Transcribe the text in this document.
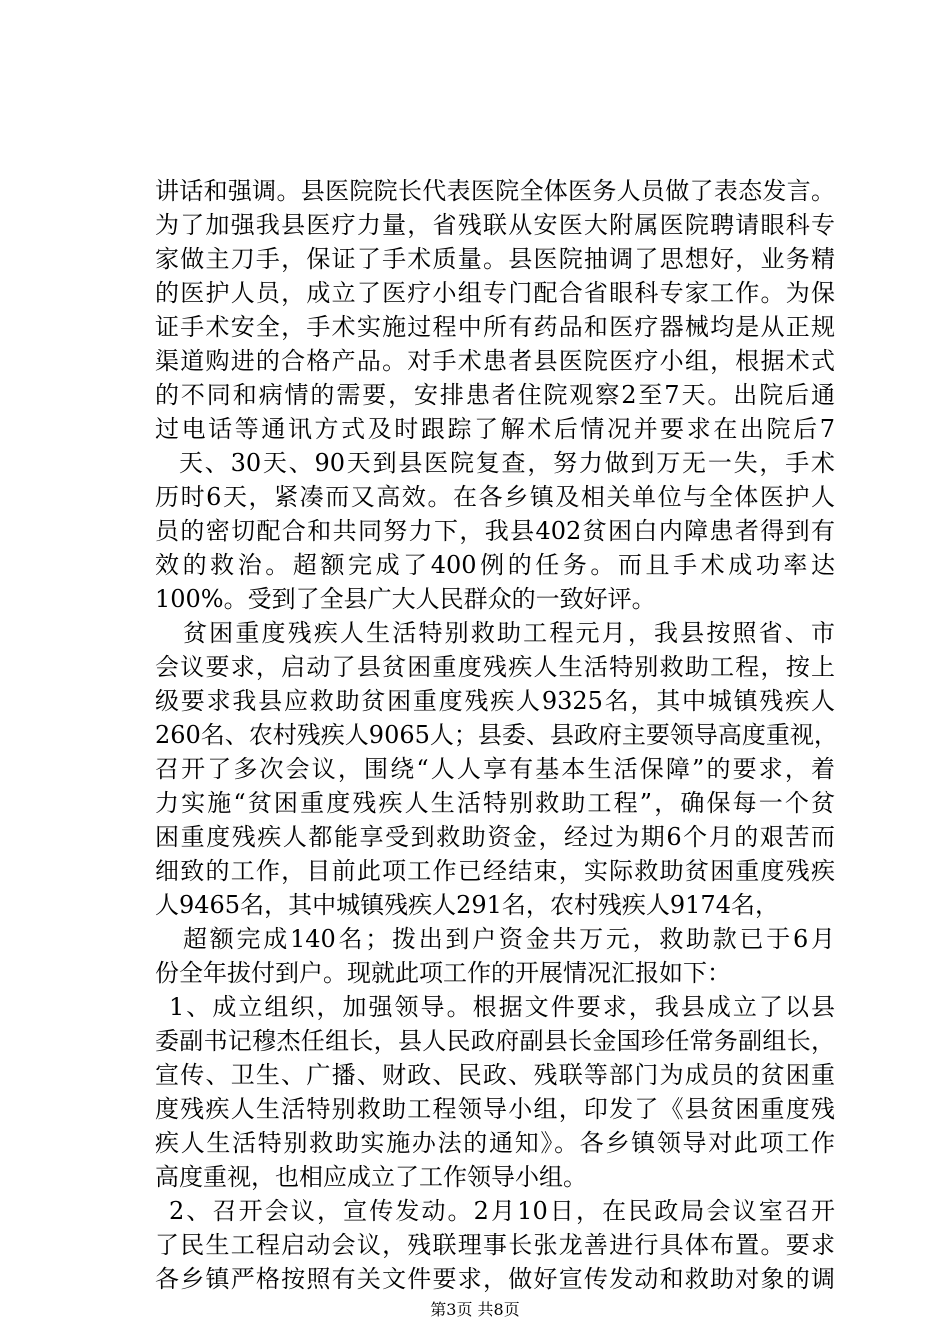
讲话和强调。县医院院长代表医院全体医务人员做了表态发言。
为了加强我县医疗力量，省残联从安医大附属医院聘请眼科专
家做主刀手，保证了手术质量。县医院抽调了思想好，业务精
的医护人员，成立了医疗小组专门配合省眼科专家工作。为保
证手术安全，手术实施过程中所有药品和医疗器械均是从正规
渠道购进的合格产品。对手术患者县医院医疗小组，根据术式
的不同和病情的需要，安排患者住院观察2至7天。出院后通
过电话等通讯方式及时跟踪了解术后情况并要求在出院后7
天、30天、90天到县医院复查，努力做到万无一失，手术
历时6天，紧凑而又高效。在各乡镇及相关单位与全体医护人
员的密切配合和共同努力下，我县402贫困白内障患者得到有
效的救治。超额完成了400例的任务。而且手术成功率达
100%。受到了全县广大人民群众的一致好评。
贫困重度残疾人生活特别救助工程元月，我县按照省、市
会议要求，启动了县贫困重度残疾人生活特别救助工程，按上
级要求我县应救助贫困重度残疾人9325名，其中城镇残疾人
260名、农村残疾人9065人；县委、县政府主要领导高度重视，
召开了多次会议，围绕“人人享有基本生活保障”的要求，着
力实施“贫困重度残疾人生活特别救助工程”，确保每一个贫
困重度残疾人都能享受到救助资金，经过为期6个月的艰苦而
细致的工作，目前此项工作已经结束，实际救助贫困重度残疾
人9465名，其中城镇残疾人291名，农村残疾人9174名，
超额完成140名；拨出到户资金共万元，救助款已于6月
份全年拔付到户。现就此项工作的开展情况汇报如下：
1、成立组织，加强领导。根据文件要求，我县成立了以县
委副书记穆杰任组长，县人民政府副县长金国珍任常务副组长，
宣传、卫生、广播、财政、民政、残联等部门为成员的贫困重
度残疾人生活特别救助工程领导小组，印发了《县贫困重度残
疾人生活特别救助实施办法的通知》。各乡镇领导对此项工作
高度重视，也相应成立了工作领导小组。
2、召开会议，宣传发动。2月10日，在民政局会议室召开
了民生工程启动会议，残联理事长张龙善进行具体布置。要求
各乡镇严格按照有关文件要求，做好宣传发动和救助对象的调
第3页 共8页
